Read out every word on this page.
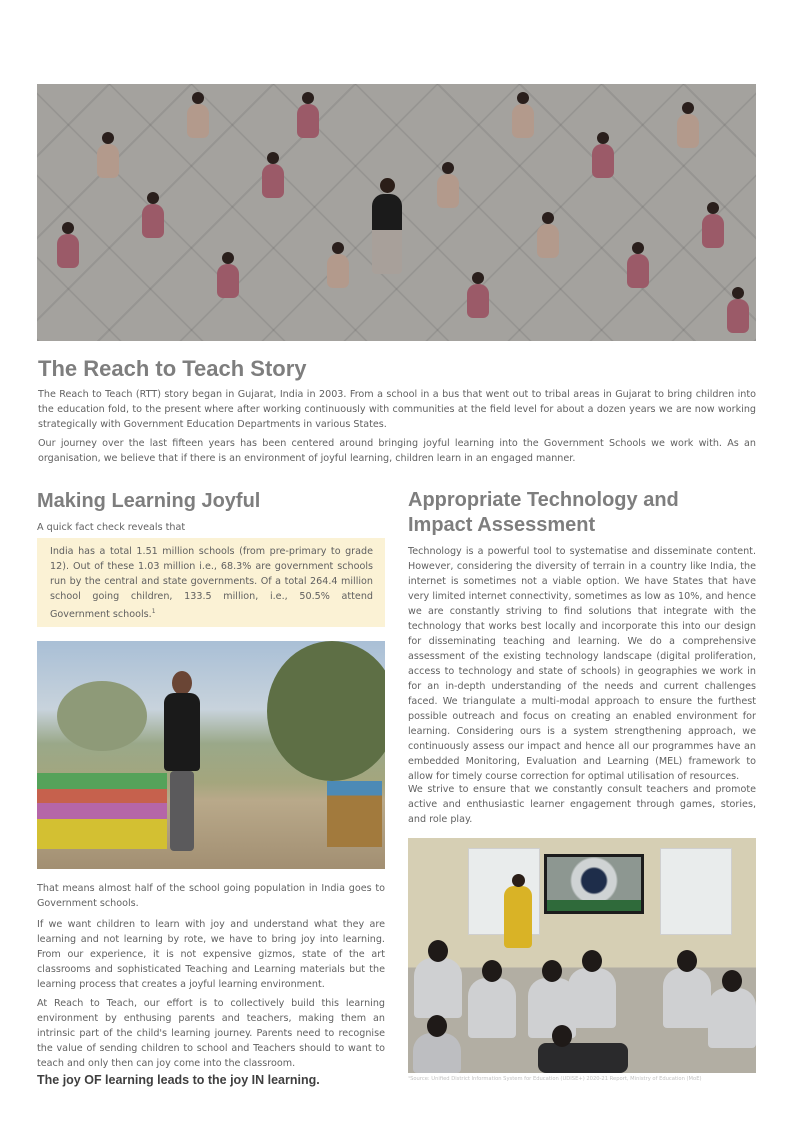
The Reach to Teach Story

The Reach to Teach (RTT) story began in Gujarat, India in 2003. From a school in a bus that went out to tribal areas in Gujarat to bring children into the education fold, to the present where after working continuously with communities at the field level for about a dozen years we are now working strategically with Government Education Departments in various States.

Our journey over the last fifteen years has been centered around bringing joyful learning into the Government Schools we work with. As an organisation, we believe that if there is an environment of joyful learning, children learn in an engaged manner.

Making Learning Joyful

A quick fact check reveals that

India has a total 1.51 million schools (from pre-primary to grade 12). Out of these 1.03 million i.e., 68.3% are government schools run by the central and state governments. Of a total 264.4 million school going children, 133.5 million, i.e., 50.5% attend Government schools.$^1$

That means almost half of the school going population in India goes to Government schools.

If we want children to learn with joy and understand what they are learning and not learning by rote, we have to bring joy into learning. From our experience, it is not expensive gizmos, state of the art classrooms and sophisticated Teaching and Learning materials but the learning process that creates a joyful learning environment.

At Reach to Teach, our effort is to collectively build this learning environment by enthusing parents and teachers, making them an intrinsic part of the child's learning journey. Parents need to recognise the value of sending children to school and Teachers should to want to teach and only then can joy come into the classroom.

The joy OF learning leads to the joy IN learning.

Appropriate Technology and Impact Assessment

Technology is a powerful tool to systematise and disseminate content. However, considering the diversity of terrain in a country like India, the internet is sometimes not a viable option. We have States that have very limited internet connectivity, sometimes as low as 10%, and hence we are constantly striving to find solutions that integrate with the technology that works best locally and incorporate this into our design for disseminating teaching and learning. We do a comprehensive assessment of the existing technology landscape (digital proliferation, access to technology and state of schools) in geographies we work in for an in-depth understanding of the needs and current challenges faced. We triangulate a multi-modal approach to ensure the furthest possible outreach and focus on creating an enabled environment for learning. Considering ours is a system strengthening approach, we continuously assess our impact and hence all our programmes have an embedded Monitoring, Evaluation and Learning (MEL) framework to allow for timely course correction for optimal utilisation of resources.

We strive to ensure that we constantly consult teachers and promote active and enthusiastic learner engagement through games, stories, and role play.

¹Source: Unified District Information System for Education (UDISE+) 2020-21 Report, Ministry of Education (MoE)
